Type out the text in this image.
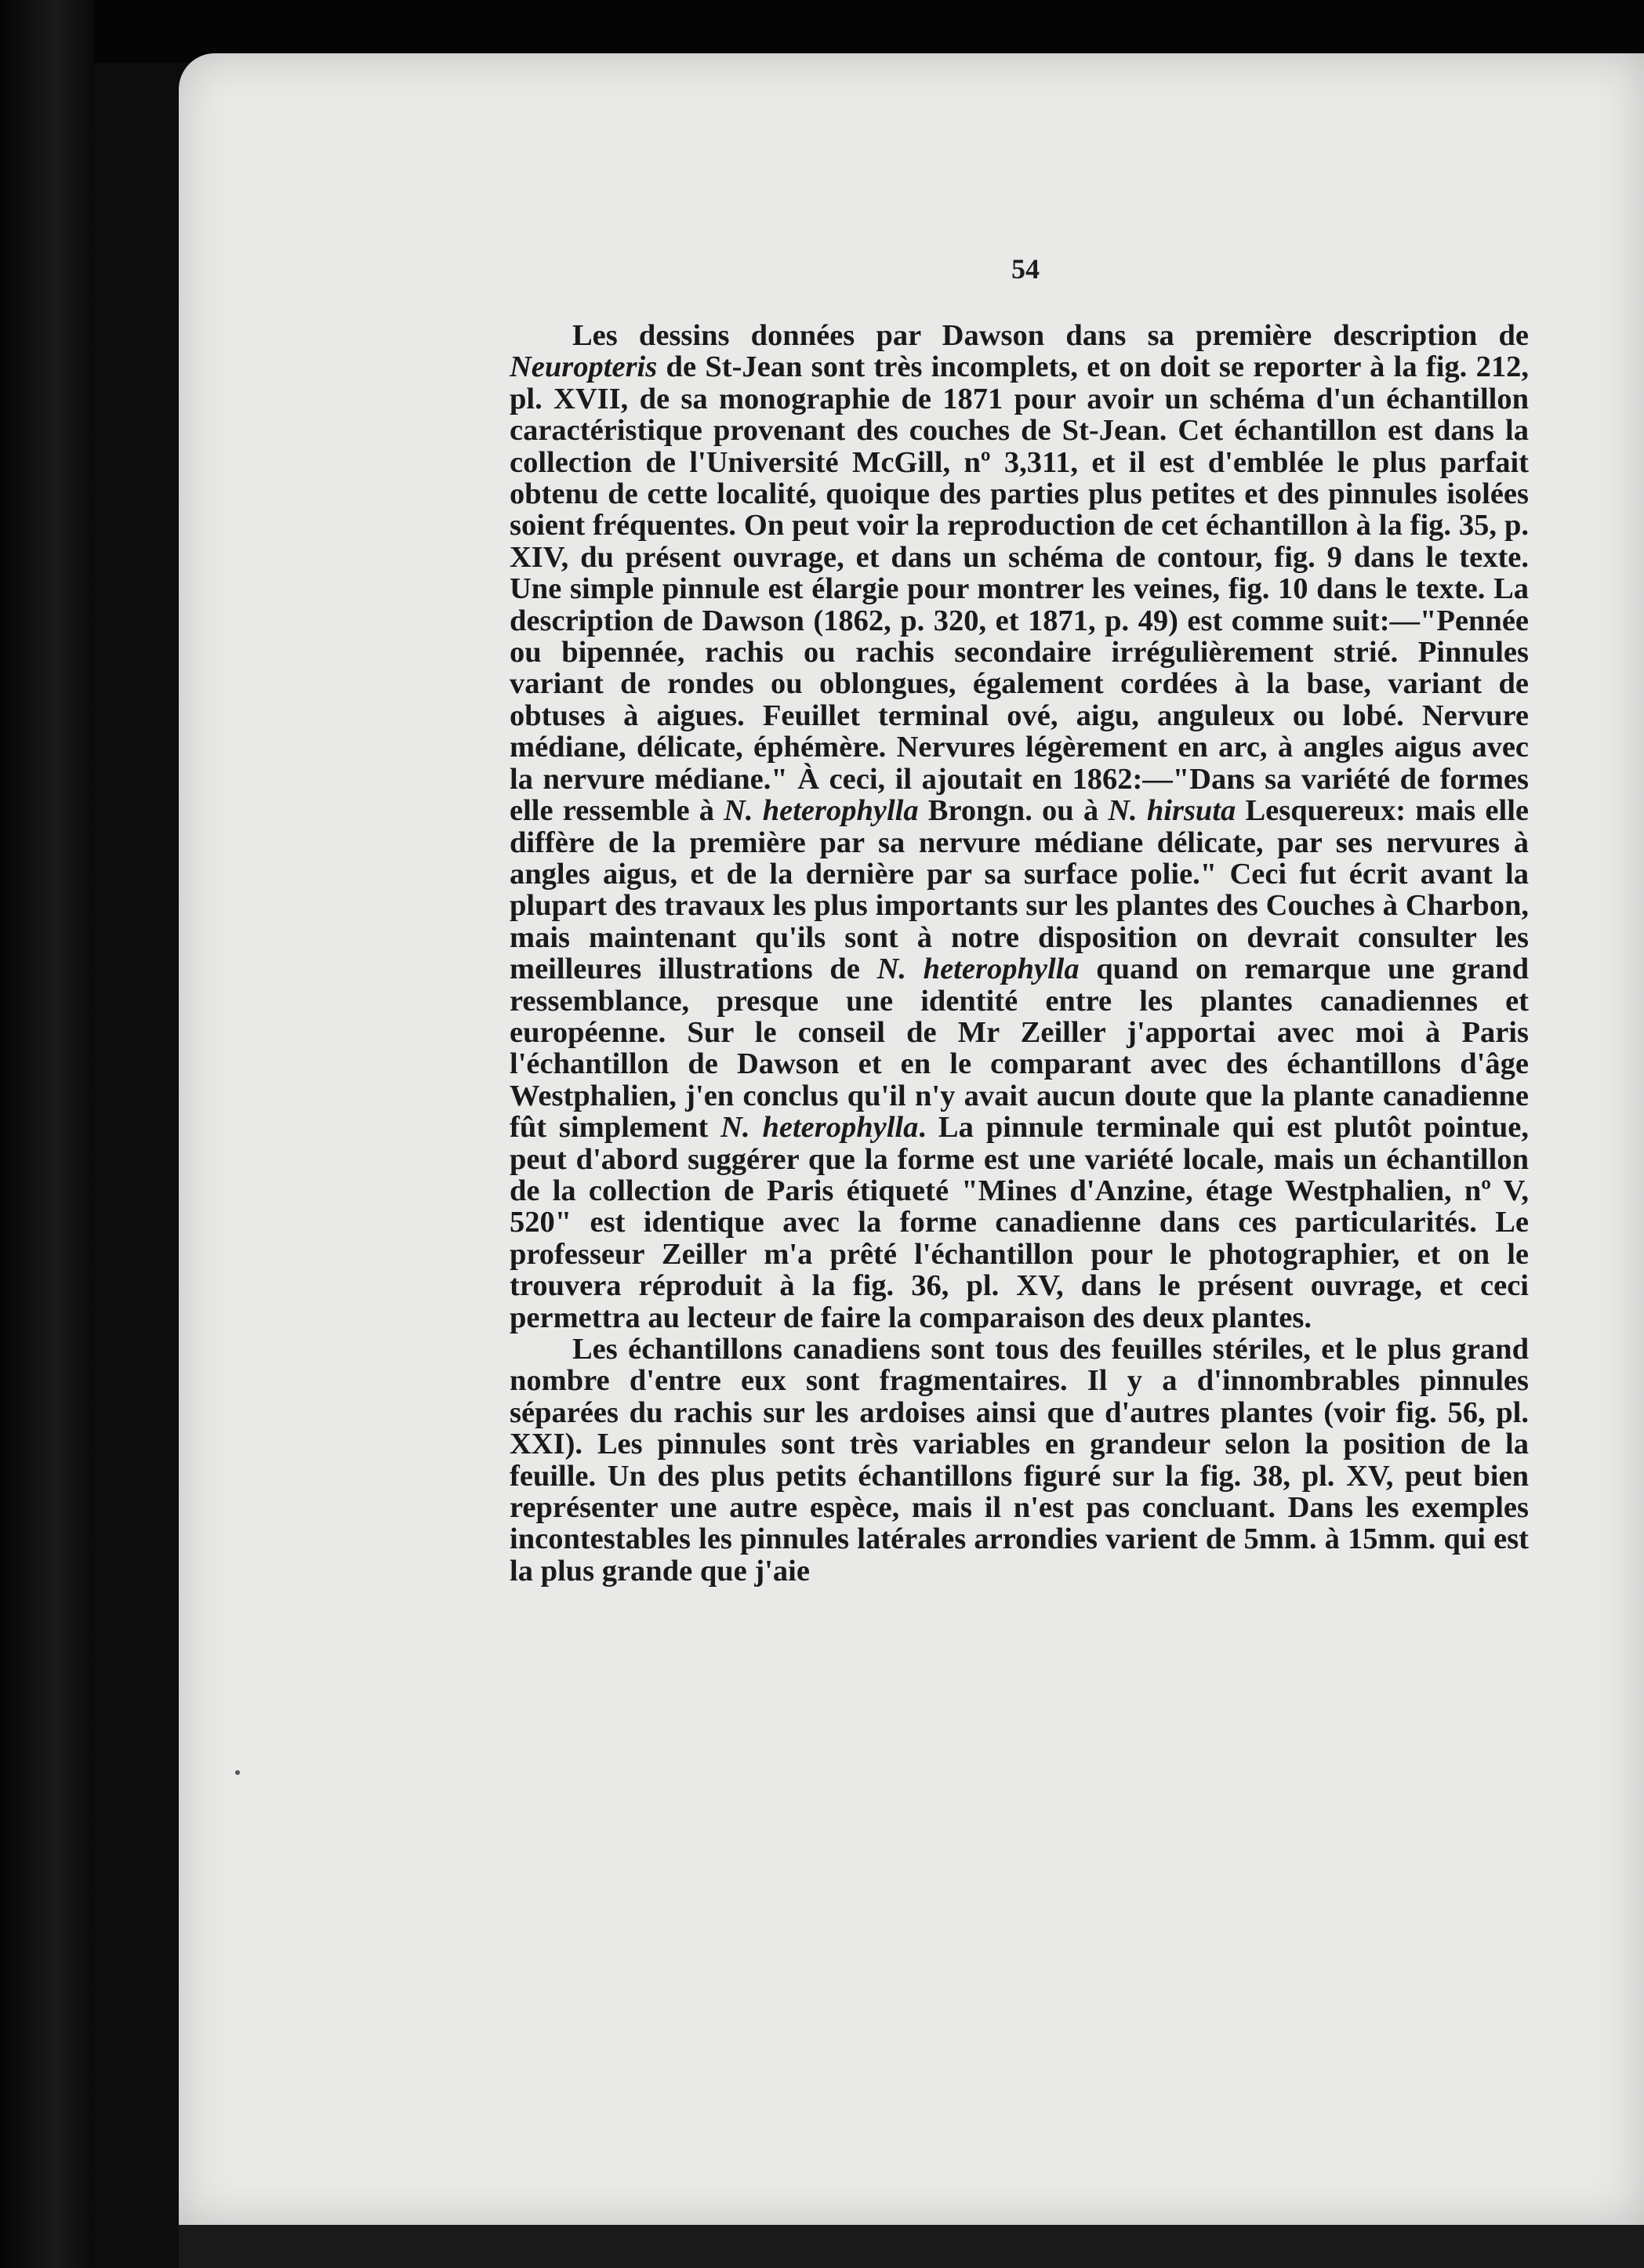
54

Les dessins données par Dawson dans sa première description de Neuropteris de St-Jean sont très incomplets, et on doit se reporter à la fig. 212, pl. XVII, de sa monographie de 1871 pour avoir un schéma d'un échantillon caractéristique provenant des couches de St-Jean. Cet échantillon est dans la collection de l'Université McGill, nº 3,311, et il est d'emblée le plus parfait obtenu de cette localité, quoique des parties plus petites et des pinnules isolées soient fréquentes. On peut voir la reproduction de cet échantillon à la fig. 35, p. XIV, du présent ouvrage, et dans un schéma de contour, fig. 9 dans le texte. Une simple pinnule est élargie pour montrer les veines, fig. 10 dans le texte. La description de Dawson (1862, p. 320, et 1871, p. 49) est comme suit:—"Pennée ou bipennée, rachis ou rachis secondaire irrégulièrement strié. Pinnules variant de rondes ou oblongues, également cordées à la base, variant de obtuses à aigues. Feuillet terminal ové, aigu, anguleux ou lobé. Nervure médiane, délicate, éphémère. Nervures légèrement en arc, à angles aigus avec la nervure médiane." À ceci, il ajoutait en 1862:—"Dans sa variété de formes elle ressemble à N. heterophylla Brongn. ou à N. hirsuta Lesquereux: mais elle diffère de la première par sa nervure médiane délicate, par ses nervures à angles aigus, et de la dernière par sa surface polie." Ceci fut écrit avant la plupart des travaux les plus importants sur les plantes des Couches à Charbon, mais maintenant qu'ils sont à notre disposition on devrait consulter les meilleures illustrations de N. heterophylla quand on remarque une grand ressemblance, presque une identité entre les plantes canadiennes et européenne. Sur le conseil de Mr Zeiller j'apportai avec moi à Paris l'échantillon de Dawson et en le comparant avec des échantillons d'âge Westphalien, j'en conclus qu'il n'y avait aucun doute que la plante canadienne fût simplement N. heterophylla. La pinnule terminale qui est plutôt pointue, peut d'abord suggérer que la forme est une variété locale, mais un échantillon de la collection de Paris étiqueté "Mines d'Anzine, étage Westphalien, nº V, 520" est identique avec la forme canadienne dans ces particularités. Le professeur Zeiller m'a prêté l'échantillon pour le photographier, et on le trouvera réproduit à la fig. 36, pl. XV, dans le présent ouvrage, et ceci permettra au lecteur de faire la comparaison des deux plantes.

Les échantillons canadiens sont tous des feuilles stériles, et le plus grand nombre d'entre eux sont fragmentaires. Il y a d'innombrables pinnules séparées du rachis sur les ardoises ainsi que d'autres plantes (voir fig. 56, pl. XXI). Les pinnules sont très variables en grandeur selon la position de la feuille. Un des plus petits échantillons figuré sur la fig. 38, pl. XV, peut bien représenter une autre espèce, mais il n'est pas concluant. Dans les exemples incontestables les pinnules latérales arrondies varient de 5mm. à 15mm. qui est la plus grande que j'aie
